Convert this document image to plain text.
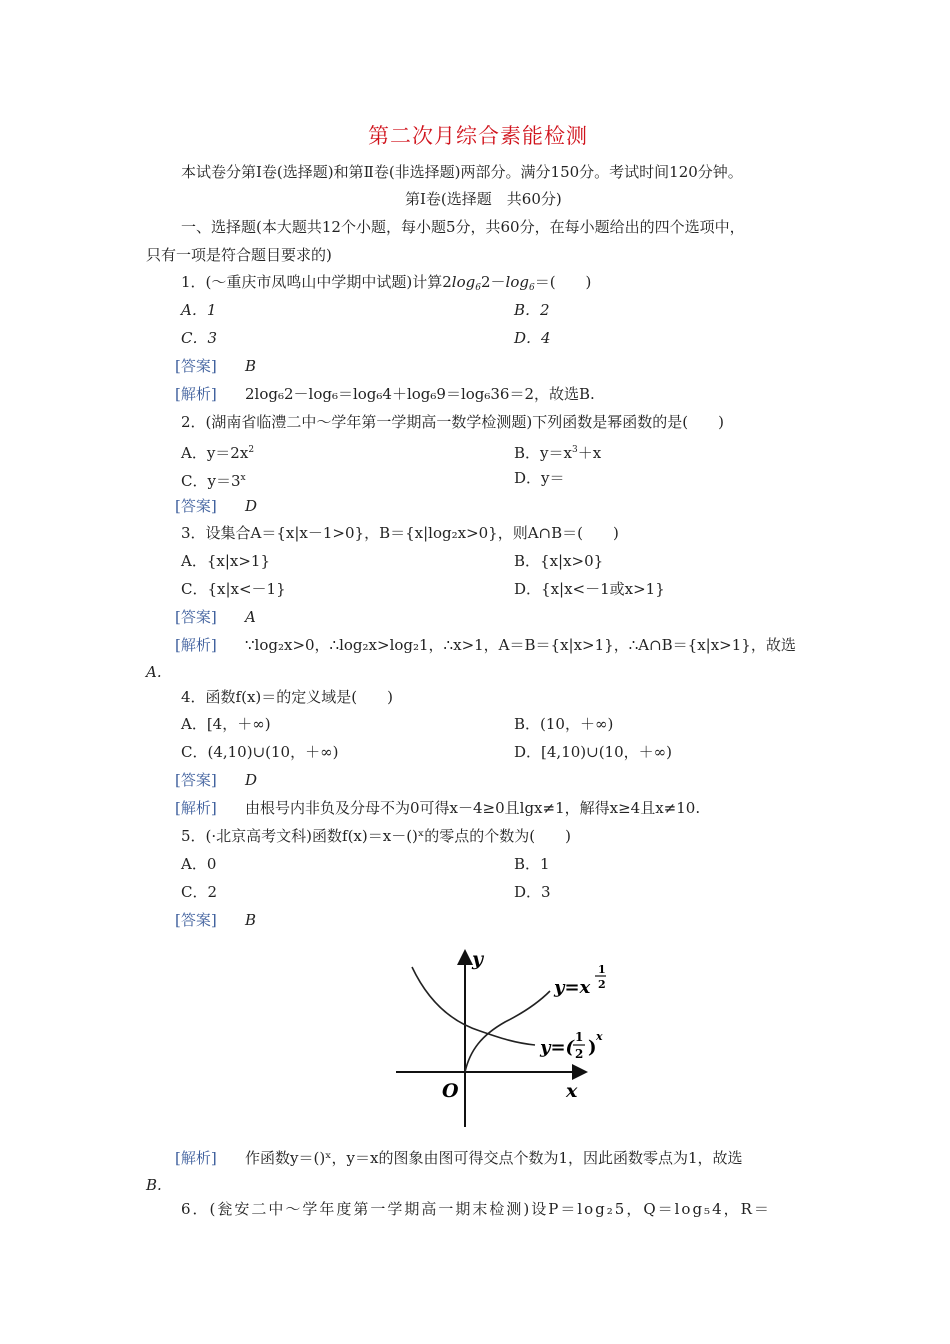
第二次月综合素能检测
本试卷分第Ⅰ卷(选择题)和第Ⅱ卷(非选择题)两部分。满分150分。考试时间120分钟。
第Ⅰ卷(选择题　共60分)
一、选择题(本大题共12个小题，每小题5分，共60分，在每小题给出的四个选项中，
只有一项是符合题目要求的)
1．(～重庆市凤鸣山中学期中试题)计算$2\log_62-\log_6=$(　　)
A．1	B．2
C．3	D．4
[答案] B
[解析] 2log₆2－log₆＝log₆4＋log₆9＝log₆36＝2，故选B.
2．(湖南省临澧二中～学年第一学期高一数学检测题)下列函数是幂函数的是(　　)
A．$y=2x^2$	B．$y=x^3+x$
C．$y=3^x$	D．y＝
[答案] D
3．设集合A＝{x|x－1>0}，B＝{x|log₂x>0}，则A∩B＝(　　)
A．{x|x>1}	B．{x|x>0}
C．{x|x<－1}	D．{x|x<－1或x>1}
[答案] A
[解析] ∵log₂x>0，∴log₂x>log₂1，∴x>1，A＝B＝{x|x>1}，∴A∩B＝{x|x>1}，故选
A.
4．函数f(x)＝的定义域是(　　)
A．[4，＋∞)	B．(10，＋∞)
C．(4,10)∪(10，＋∞)	D．[4,10)∪(10，＋∞)
[答案] D
[解析] 由根号内非负及分母不为0可得x－4≥0且lgx≠1，解得x≥4且x≠10.
5．(·北京高考文科)函数f(x)＝x－()ˣ的零点的个数为(　　)
A．0	B．1
C．2	D．3
[答案] B
y
x
O
y=x
1
2
y=( 1
2 )
x
[解析] 作函数y＝()ˣ，y＝x的图象由图可得交点个数为1，因此函数零点为1，故选
B.
6．(瓮安二中～学年度第一学期高一期末检测)设P＝log₂5，Q＝log₅4，R＝
